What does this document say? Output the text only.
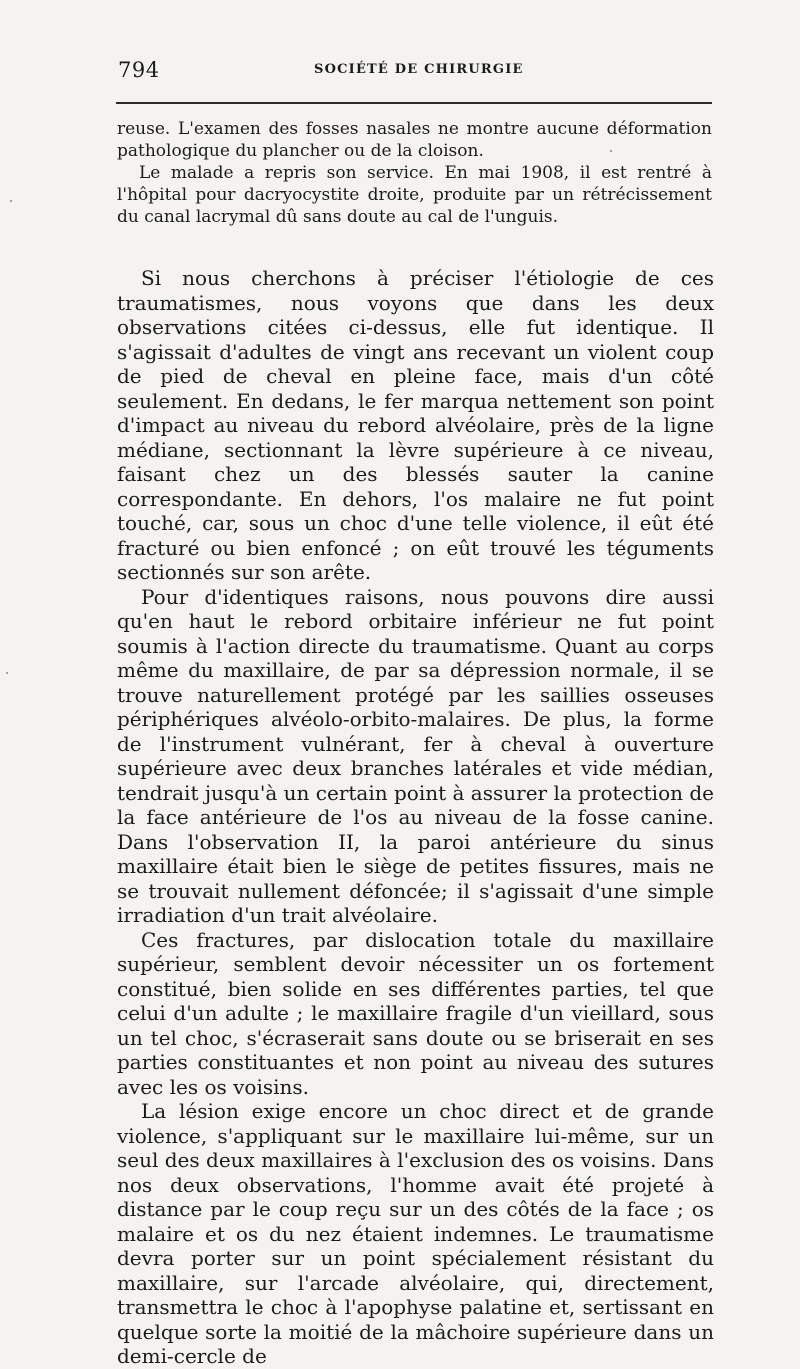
794	SOCIÉTÉ DE CHIRURGIE

reuse. L'examen des fosses nasales ne montre aucune déformation pathologique du plancher ou de la cloison.

Le malade a repris son service. En mai 1908, il est rentré à l'hôpital pour dacryocystite droite, produite par un rétrécissement du canal lacrymal dû sans doute au cal de l'unguis.

Si nous cherchons à préciser l'étiologie de ces traumatismes, nous voyons que dans les deux observations citées ci-dessus, elle fut identique. Il s'agissait d'adultes de vingt ans recevant un violent coup de pied de cheval en pleine face, mais d'un côté seulement. En dedans, le fer marqua nettement son point d'impact au niveau du rebord alvéolaire, près de la ligne médiane, sectionnant la lèvre supérieure à ce niveau, faisant chez un des blessés sauter la canine correspondante. En dehors, l'os malaire ne fut point touché, car, sous un choc d'une telle violence, il eût été fracturé ou bien enfoncé ; on eût trouvé les téguments sectionnés sur son arête.

Pour d'identiques raisons, nous pouvons dire aussi qu'en haut le rebord orbitaire inférieur ne fut point soumis à l'action directe du traumatisme. Quant au corps même du maxillaire, de par sa dépression normale, il se trouve naturellement protégé par les saillies osseuses périphériques alvéolo-orbito-malaires. De plus, la forme de l'instrument vulnérant, fer à cheval à ouverture supérieure avec deux branches latérales et vide médian, tendrait jusqu'à un certain point à assurer la protection de la face antérieure de l'os au niveau de la fosse canine. Dans l'observation II, la paroi antérieure du sinus maxillaire était bien le siège de petites fissures, mais ne se trouvait nullement défoncée; il s'agissait d'une simple irradiation d'un trait alvéolaire.

Ces fractures, par dislocation totale du maxillaire supérieur, semblent devoir nécessiter un os fortement constitué, bien solide en ses différentes parties, tel que celui d'un adulte ; le maxillaire fragile d'un vieillard, sous un tel choc, s'écraserait sans doute ou se briserait en ses parties constituantes et non point au niveau des sutures avec les os voisins.

La lésion exige encore un choc direct et de grande violence, s'appliquant sur le maxillaire lui-même, sur un seul des deux maxillaires à l'exclusion des os voisins. Dans nos deux observations, l'homme avait été projeté à distance par le coup reçu sur un des côtés de la face ; os malaire et os du nez étaient indemnes. Le traumatisme devra porter sur un point spécialement résistant du maxillaire, sur l'arcade alvéolaire, qui, directement, transmettra le choc à l'apophyse palatine et, sertissant en quelque sorte la moitié de la mâchoire supérieure dans un demi-cercle de
